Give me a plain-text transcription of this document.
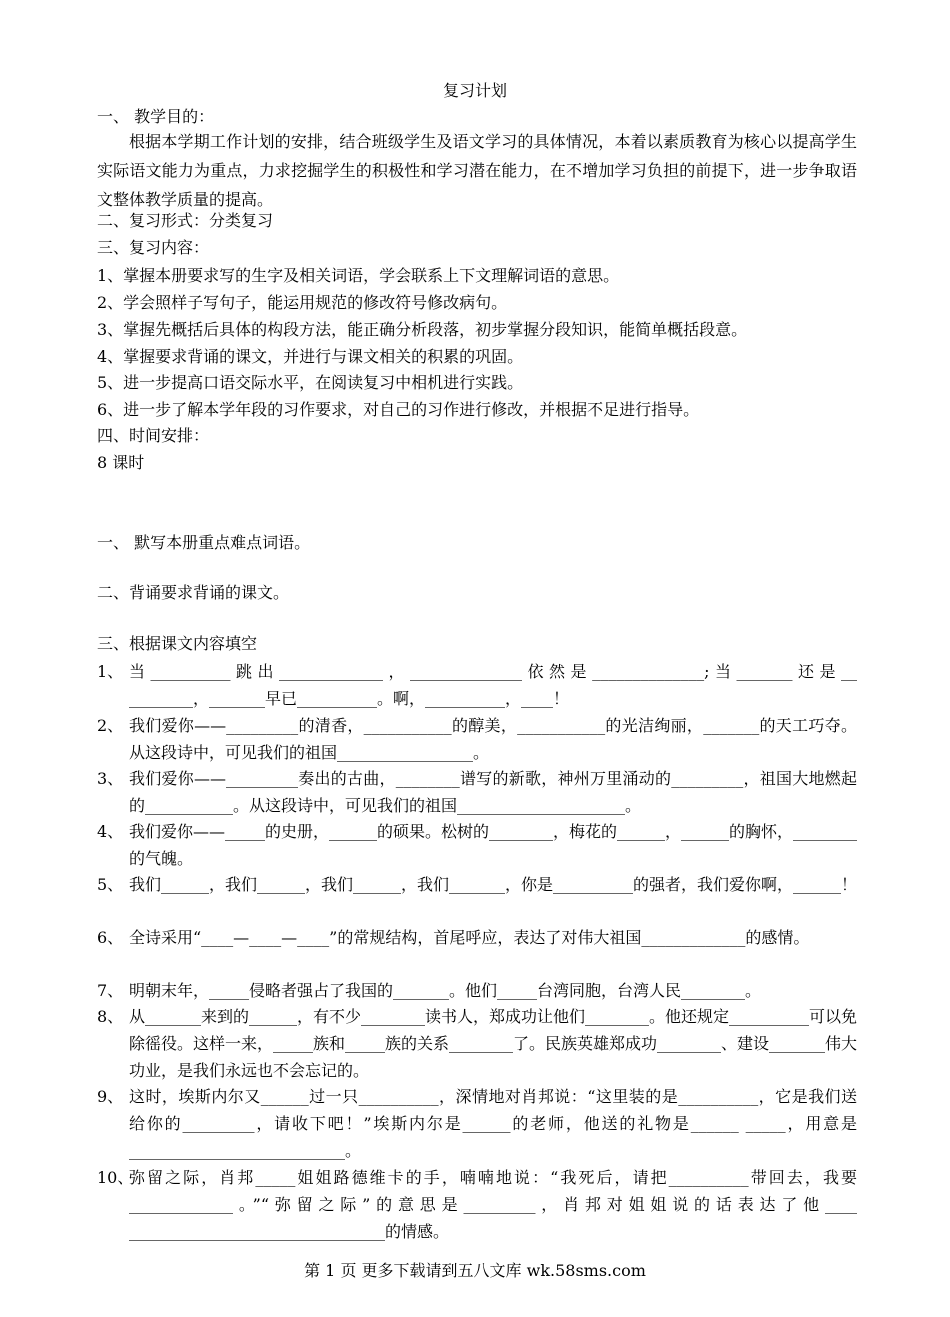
复习计划
一、 教学目的：
根据本学期工作计划的安排，结合班级学生及语文学习的具体情况，本着以素质教育为核心以提高学生实际语文能力为重点，力求挖掘学生的积极性和学习潜在能力，在不增加学习负担的前提下，进一步争取语文整体教学质量的提高。
二、复习形式：分类复习
三、复习内容：
1、掌握本册要求写的生字及相关词语，学会联系上下文理解词语的意思。
2、学会照样子写句子，能运用规范的修改符号修改病句。
3、掌握先概括后具体的构段方法，能正确分析段落，初步掌握分段知识，能简单概括段意。
4、掌握要求背诵的课文，并进行与课文相关的积累的巩固。
5、进一步提高口语交际水平，在阅读复习中相机进行实践。
6、进一步了解本学年段的习作要求，对自己的习作进行修改，并根据不足进行指导。
四、时间安排：
8 课时
一、 默写本册重点难点词语。
二、背诵要求背诵的课文。
三、根据课文内容填空
1、 当__________跳出_____________，______________依然是______________;当_______还是__ ________，_______早已__________。啊，__________，____！
2、 我们爱你——_________的清香，___________的醇美，___________的光洁绚丽，_______的天工巧夺。从这段诗中，可见我们的祖国_________________。
3、 我们爱你——_________奏出的古曲，________谱写的新歌，神州万里涌动的_________，祖国大地燃起的___________。从这段诗中，可见我们的祖国_____________________。
4、 我们爱你——_____的史册，______的硕果。松树的________，梅花的______，______的胸怀，________的气魄。
5、 我们______，我们______，我们______，我们_______，你是__________的强者，我们爱你啊，______！
6、 全诗采用“____—____—____”的常规结构，首尾呼应，表达了对伟大祖国_____________的感情。
7、 明朝末年，_____侵略者强占了我国的_______。他们_____台湾同胞，台湾人民________。
8、 从_______来到的______，有不少________读书人，郑成功让他们________。他还规定__________可以免除徭役。这样一来，_____族和_____族的关系________了。民族英雄郑成功________、建设_______伟大功业，是我们永远也不会忘记的。
9、 这时，埃斯内尔又______过一只__________，深情地对肖邦说：“这里装的是__________，它是我们送给你的_________，请收下吧！”埃斯内尔是______的老师，他送的礼物是______ _____，用意是___________________________。
10、
弥留之际，肖邦_____姐姐路德维卡的手，喃喃地说：“我死后，请把__________带回去，我要_____________。”“弥留之际”的意思是_________，肖邦对姐姐说的话表达了他____ ________________________________的情感。
第 1 页 更多下载请到五八文库 wk.58sms.com
